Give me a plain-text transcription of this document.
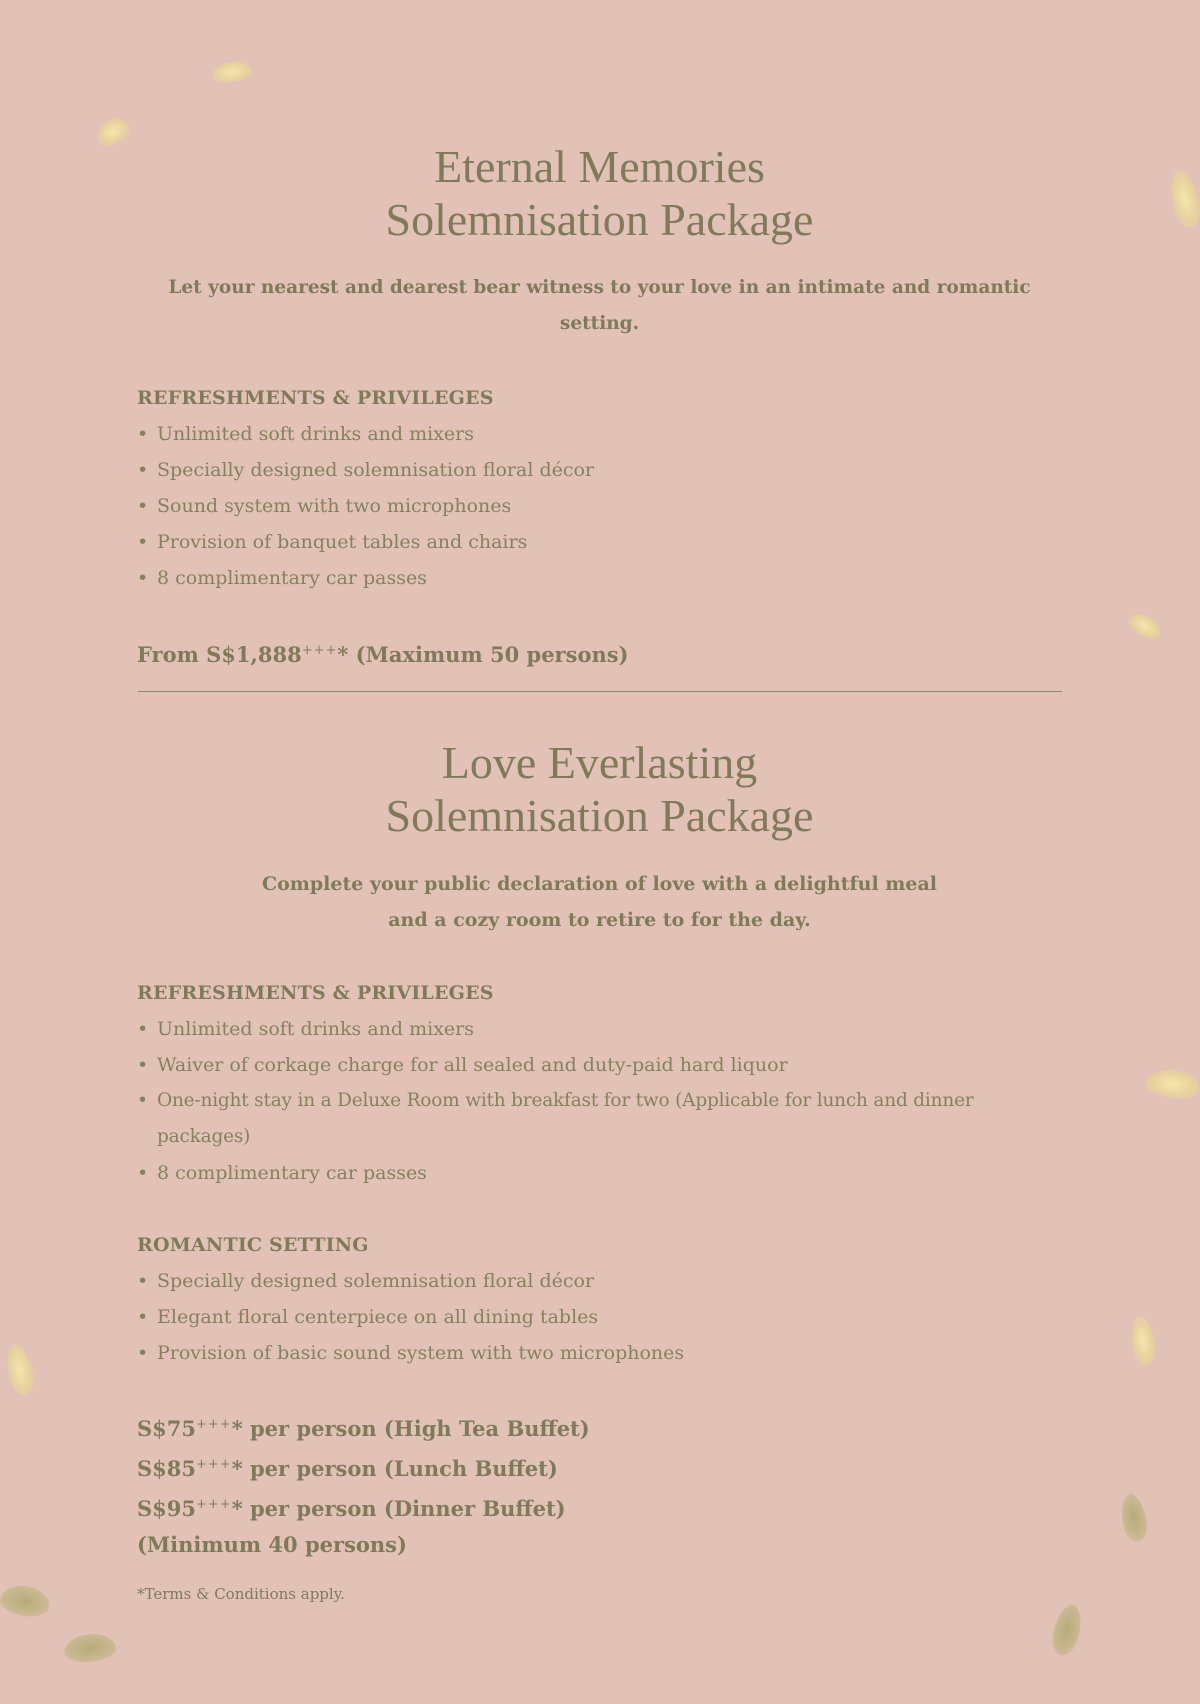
Eternal Memories
Solemnisation Package

Let your nearest and dearest bear witness to your love in an intimate and romantic setting.

REFRESHMENTS & PRIVILEGES

• Unlimited soft drinks and mixers
• Specially designed solemnisation floral décor
• Sound system with two microphones
• Provision of banquet tables and chairs
• 8 complimentary car passes

From S$1,888+++* (Maximum 50 persons)

Love Everlasting
Solemnisation Package

Complete your public declaration of love with a delightful meal
and a cozy room to retire to for the day.

REFRESHMENTS & PRIVILEGES

• Unlimited soft drinks and mixers
• Waiver of corkage charge for all sealed and duty-paid hard liquor
• One-night stay in a Deluxe Room with breakfast for two (Applicable for lunch and dinner packages)
• 8 complimentary car passes

ROMANTIC SETTING

• Specially designed solemnisation floral décor
• Elegant floral centerpiece on all dining tables
• Provision of basic sound system with two microphones

S$75+++* per person (High Tea Buffet)

S$85+++* per person (Lunch Buffet)

S$95+++* per person (Dinner Buffet)

(Minimum 40 persons)

*Terms & Conditions apply.
